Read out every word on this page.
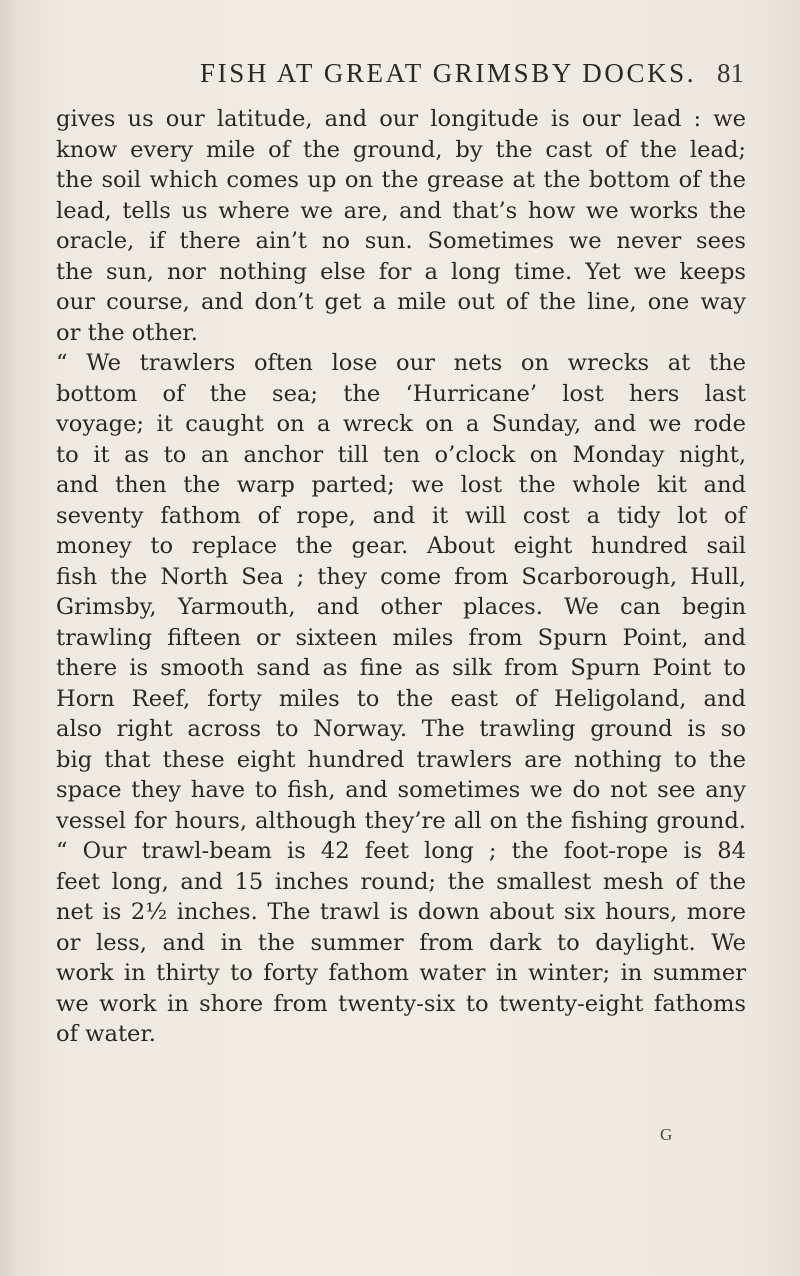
FISH AT GREAT GRIMSBY DOCKS. 81
gives us our latitude, and our longitude is our lead : we
know every mile of the ground, by the cast of the lead;
the soil which comes up on the grease at the bottom of the
lead, tells us where we are, and that’s how we works the
oracle, if there ain’t no sun. Sometimes we never sees
the sun, nor nothing else for a long time. Yet we keeps
our course, and don’t get a mile out of the line, one way
or the other.
“ We trawlers often lose our nets on wrecks at the
bottom of the sea; the ‘Hurricane’ lost hers last
voyage; it caught on a wreck on a Sunday, and we rode
to it as to an anchor till ten o’clock on Monday night,
and then the warp parted; we lost the whole kit and
seventy fathom of rope, and it will cost a tidy lot of
money to replace the gear. About eight hundred sail
fish the North Sea ; they come from Scarborough, Hull,
Grimsby, Yarmouth, and other places. We can begin
trawling fifteen or sixteen miles from Spurn Point, and
there is smooth sand as fine as silk from Spurn Point to
Horn Reef, forty miles to the east of Heligoland, and
also right across to Norway. The trawling ground is so
big that these eight hundred trawlers are nothing to the
space they have to fish, and sometimes we do not see any
vessel for hours, although they’re all on the fishing ground.
“ Our trawl-beam is 42 feet long ; the foot-rope is 84
feet long, and 15 inches round; the smallest mesh of the
net is 2½ inches. The trawl is down about six hours, more
or less, and in the summer from dark to daylight. We
work in thirty to forty fathom water in winter; in summer
we work in shore from twenty-six to twenty-eight fathoms
of water.
G
